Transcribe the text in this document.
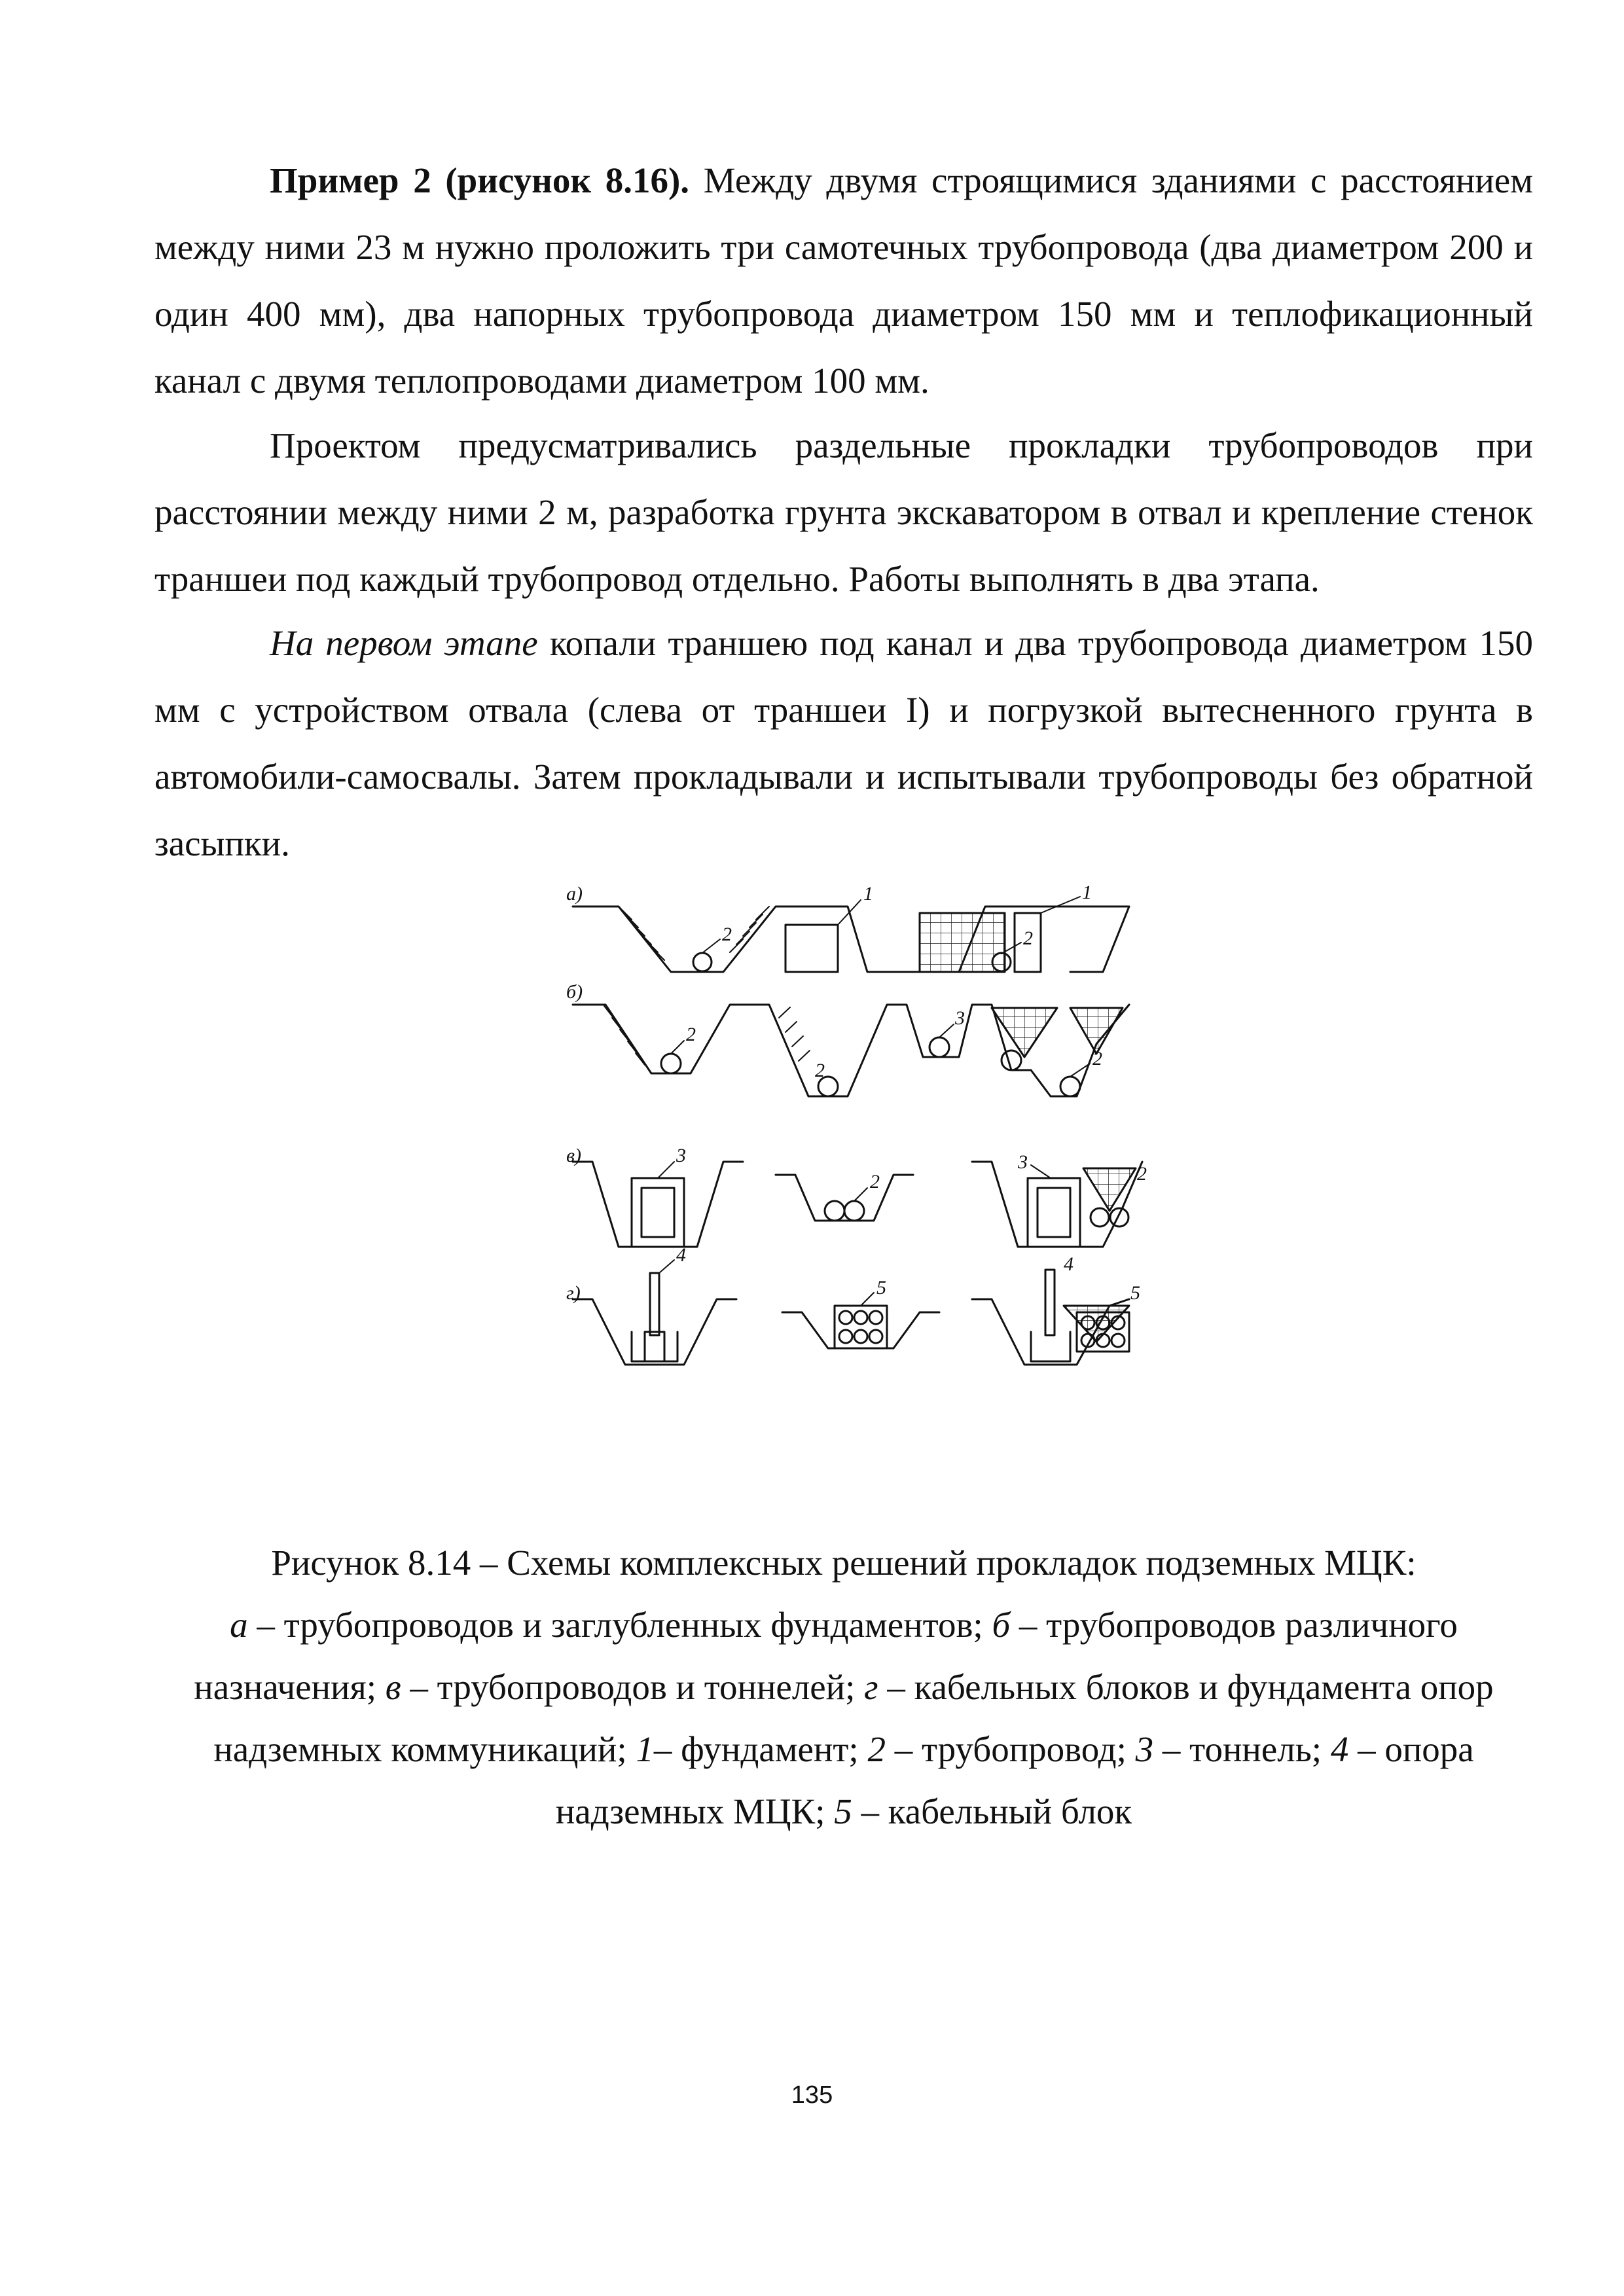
Пример 2 (рисунок 8.16). Между двумя строящимися зданиями с расстоянием между ними 23 м нужно проложить три самотечных трубопровода (два диаметром 200 и один 400 мм), два напорных трубопровода диаметром 150 мм и теплофикационный канал с двумя теплопроводами диаметром 100 мм.

Проектом предусматривались раздельные прокладки трубопроводов при расстоянии между ними 2 м, разработка грунта экскаватором в отвал и крепление стенок траншеи под каждый трубопровод отдельно. Работы выполнять в два этапа.

На первом этапе копали траншею под канал и два трубопровода диаметром 150 мм с устройством отвала (слева от траншеи I) и погрузкой вытесненного грунта в автомобили-самосвалы. Затем прокладывали и испытывали трубопроводы без обратной засыпки.

а)
б)
в)
г)
2
1	1
2
2
2
3
2
3
2
3
2
4
5
4
5
Рисунок 8.14 – Схемы комплексных решений прокладок подземных МЦК:
а – трубопроводов и заглубленных фундаментов; б – трубопроводов различного назначения; в – трубопроводов и тоннелей; г – кабельных блоков и фундамента опор надземных коммуникаций; 1– фундамент; 2 – трубопровод; 3 – тоннель; 4 – опора надземных МЦК; 5 – кабельный блок
135
